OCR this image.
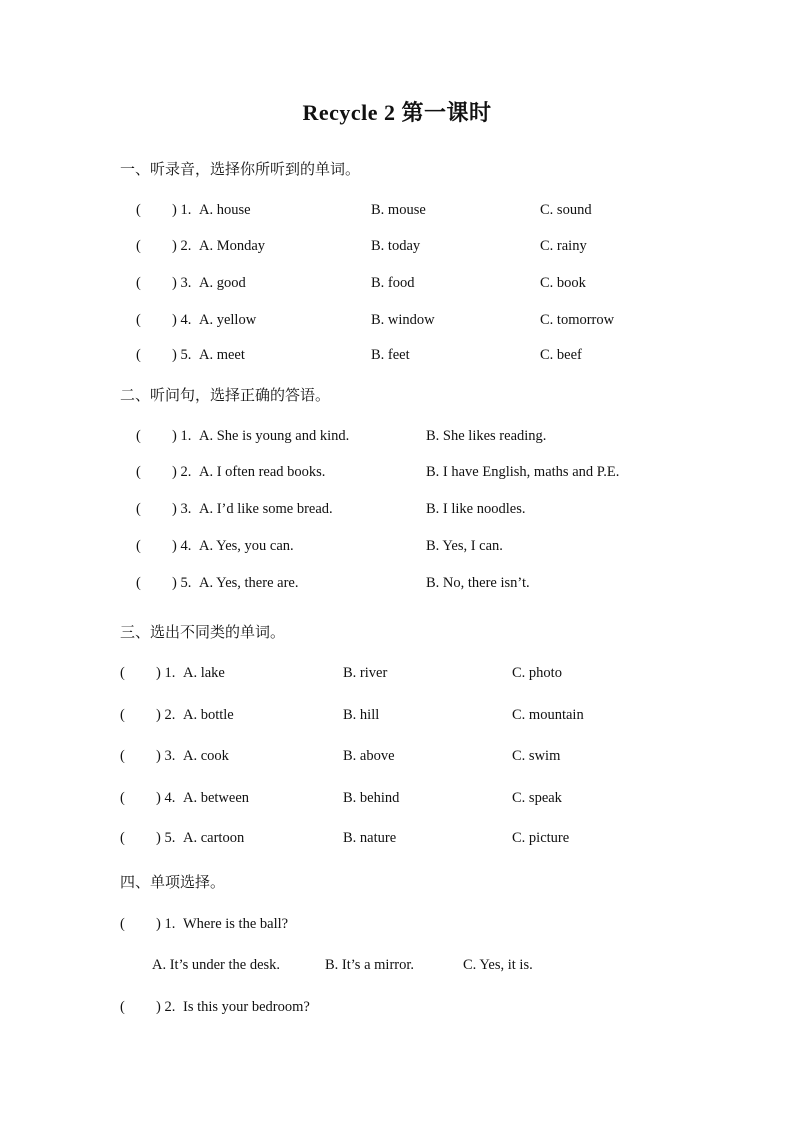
Recycle 2 第一课时
一、听录音，选择你所听到的单词。
( ) 1. A. house	B. mouse	C. sound
( ) 2. A. Monday	B. today	C. rainy
( ) 3. A. good	B. food	C. book
( ) 4. A. yellow	B. window	C. tomorrow
( ) 5. A. meet	B. feet	C. beef
二、听问句，选择正确的答语。
( ) 1. A. She is young and kind.	B. She likes reading.
( ) 2. A. I often read books.	B. I have English, maths and P.E.
( ) 3. A. I’d like some bread.	B. I like noodles.
( ) 4. A. Yes, you can.	B. Yes, I can.
( ) 5. A. Yes, there are.	B. No, there isn’t.
三、选出不同类的单词。
( ) 1. A. lake	B. river	C. photo
( ) 2. A. bottle	B. hill	C. mountain
( ) 3. A. cook	B. above	C. swim
( ) 4. A. between	B. behind	C. speak
( ) 5. A. cartoon	B. nature	C. picture
四、单项选择。
( ) 1. Where is the ball?
A. It’s under the desk.	B. It’s a mirror.	C. Yes, it is.
( ) 2. Is this your bedroom?
